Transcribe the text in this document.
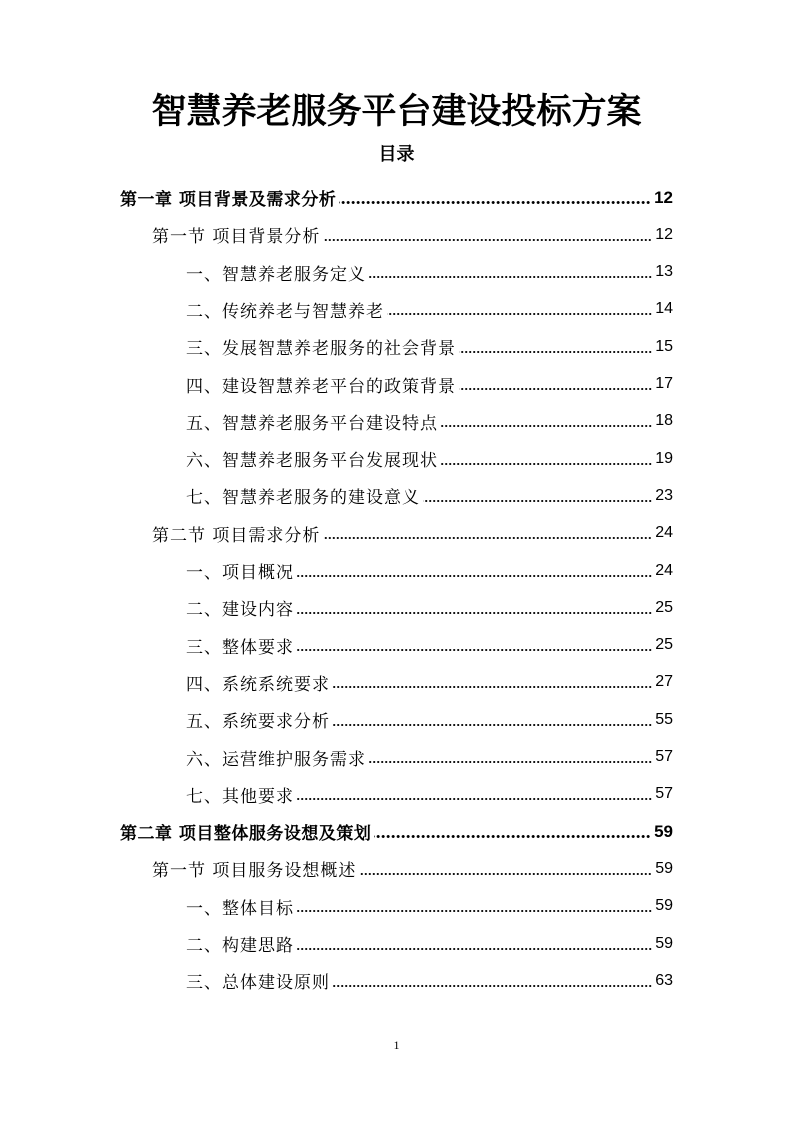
智慧养老服务平台建设投标方案
目录
第一章 项目背景及需求分析	12
第一节 项目背景分析	12
一、智慧养老服务定义	13
二、传统养老与智慧养老	14
三、发展智慧养老服务的社会背景	15
四、建设智慧养老平台的政策背景	17
五、智慧养老服务平台建设特点	18
六、智慧养老服务平台发展现状	19
七、智慧养老服务的建设意义	23
第二节 项目需求分析	24
一、项目概况	24
二、建设内容	25
三、整体要求	25
四、系统系统要求	27
五、系统要求分析	55
六、运营维护服务需求	57
七、其他要求	57
第二章 项目整体服务设想及策划	59
第一节 项目服务设想概述	59
一、整体目标	59
二、构建思路	59
三、总体建设原则	63
1
